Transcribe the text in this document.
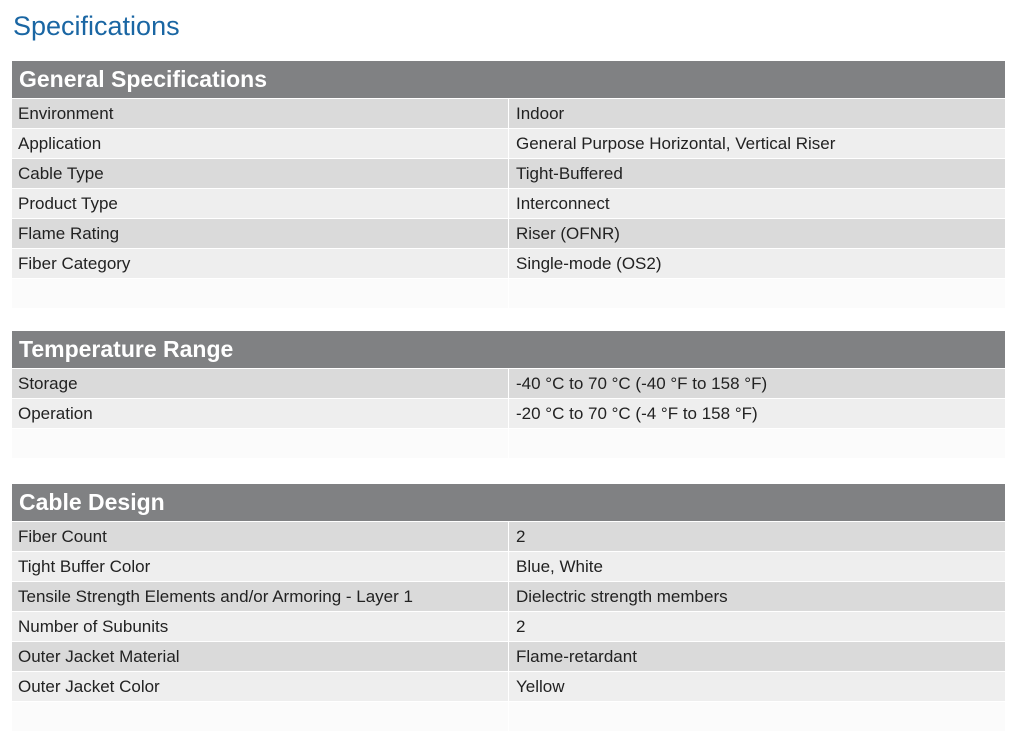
Specifications
General Specifications
Environment	Indoor
Application	General Purpose Horizontal, Vertical Riser
Cable Type	Tight-Buffered
Product Type	Interconnect
Flame Rating	Riser (OFNR)
Fiber Category	Single-mode (OS2)
Temperature Range
Storage	-40 °C to 70 °C (-40 °F to 158 °F)
Operation	-20 °C to 70 °C (-4 °F to 158 °F)
Cable Design
Fiber Count	2
Tight Buffer Color	Blue, White
Tensile Strength Elements and/or Armoring - Layer 1	Dielectric strength members
Number of Subunits	2
Outer Jacket Material	Flame-retardant
Outer Jacket Color	Yellow
